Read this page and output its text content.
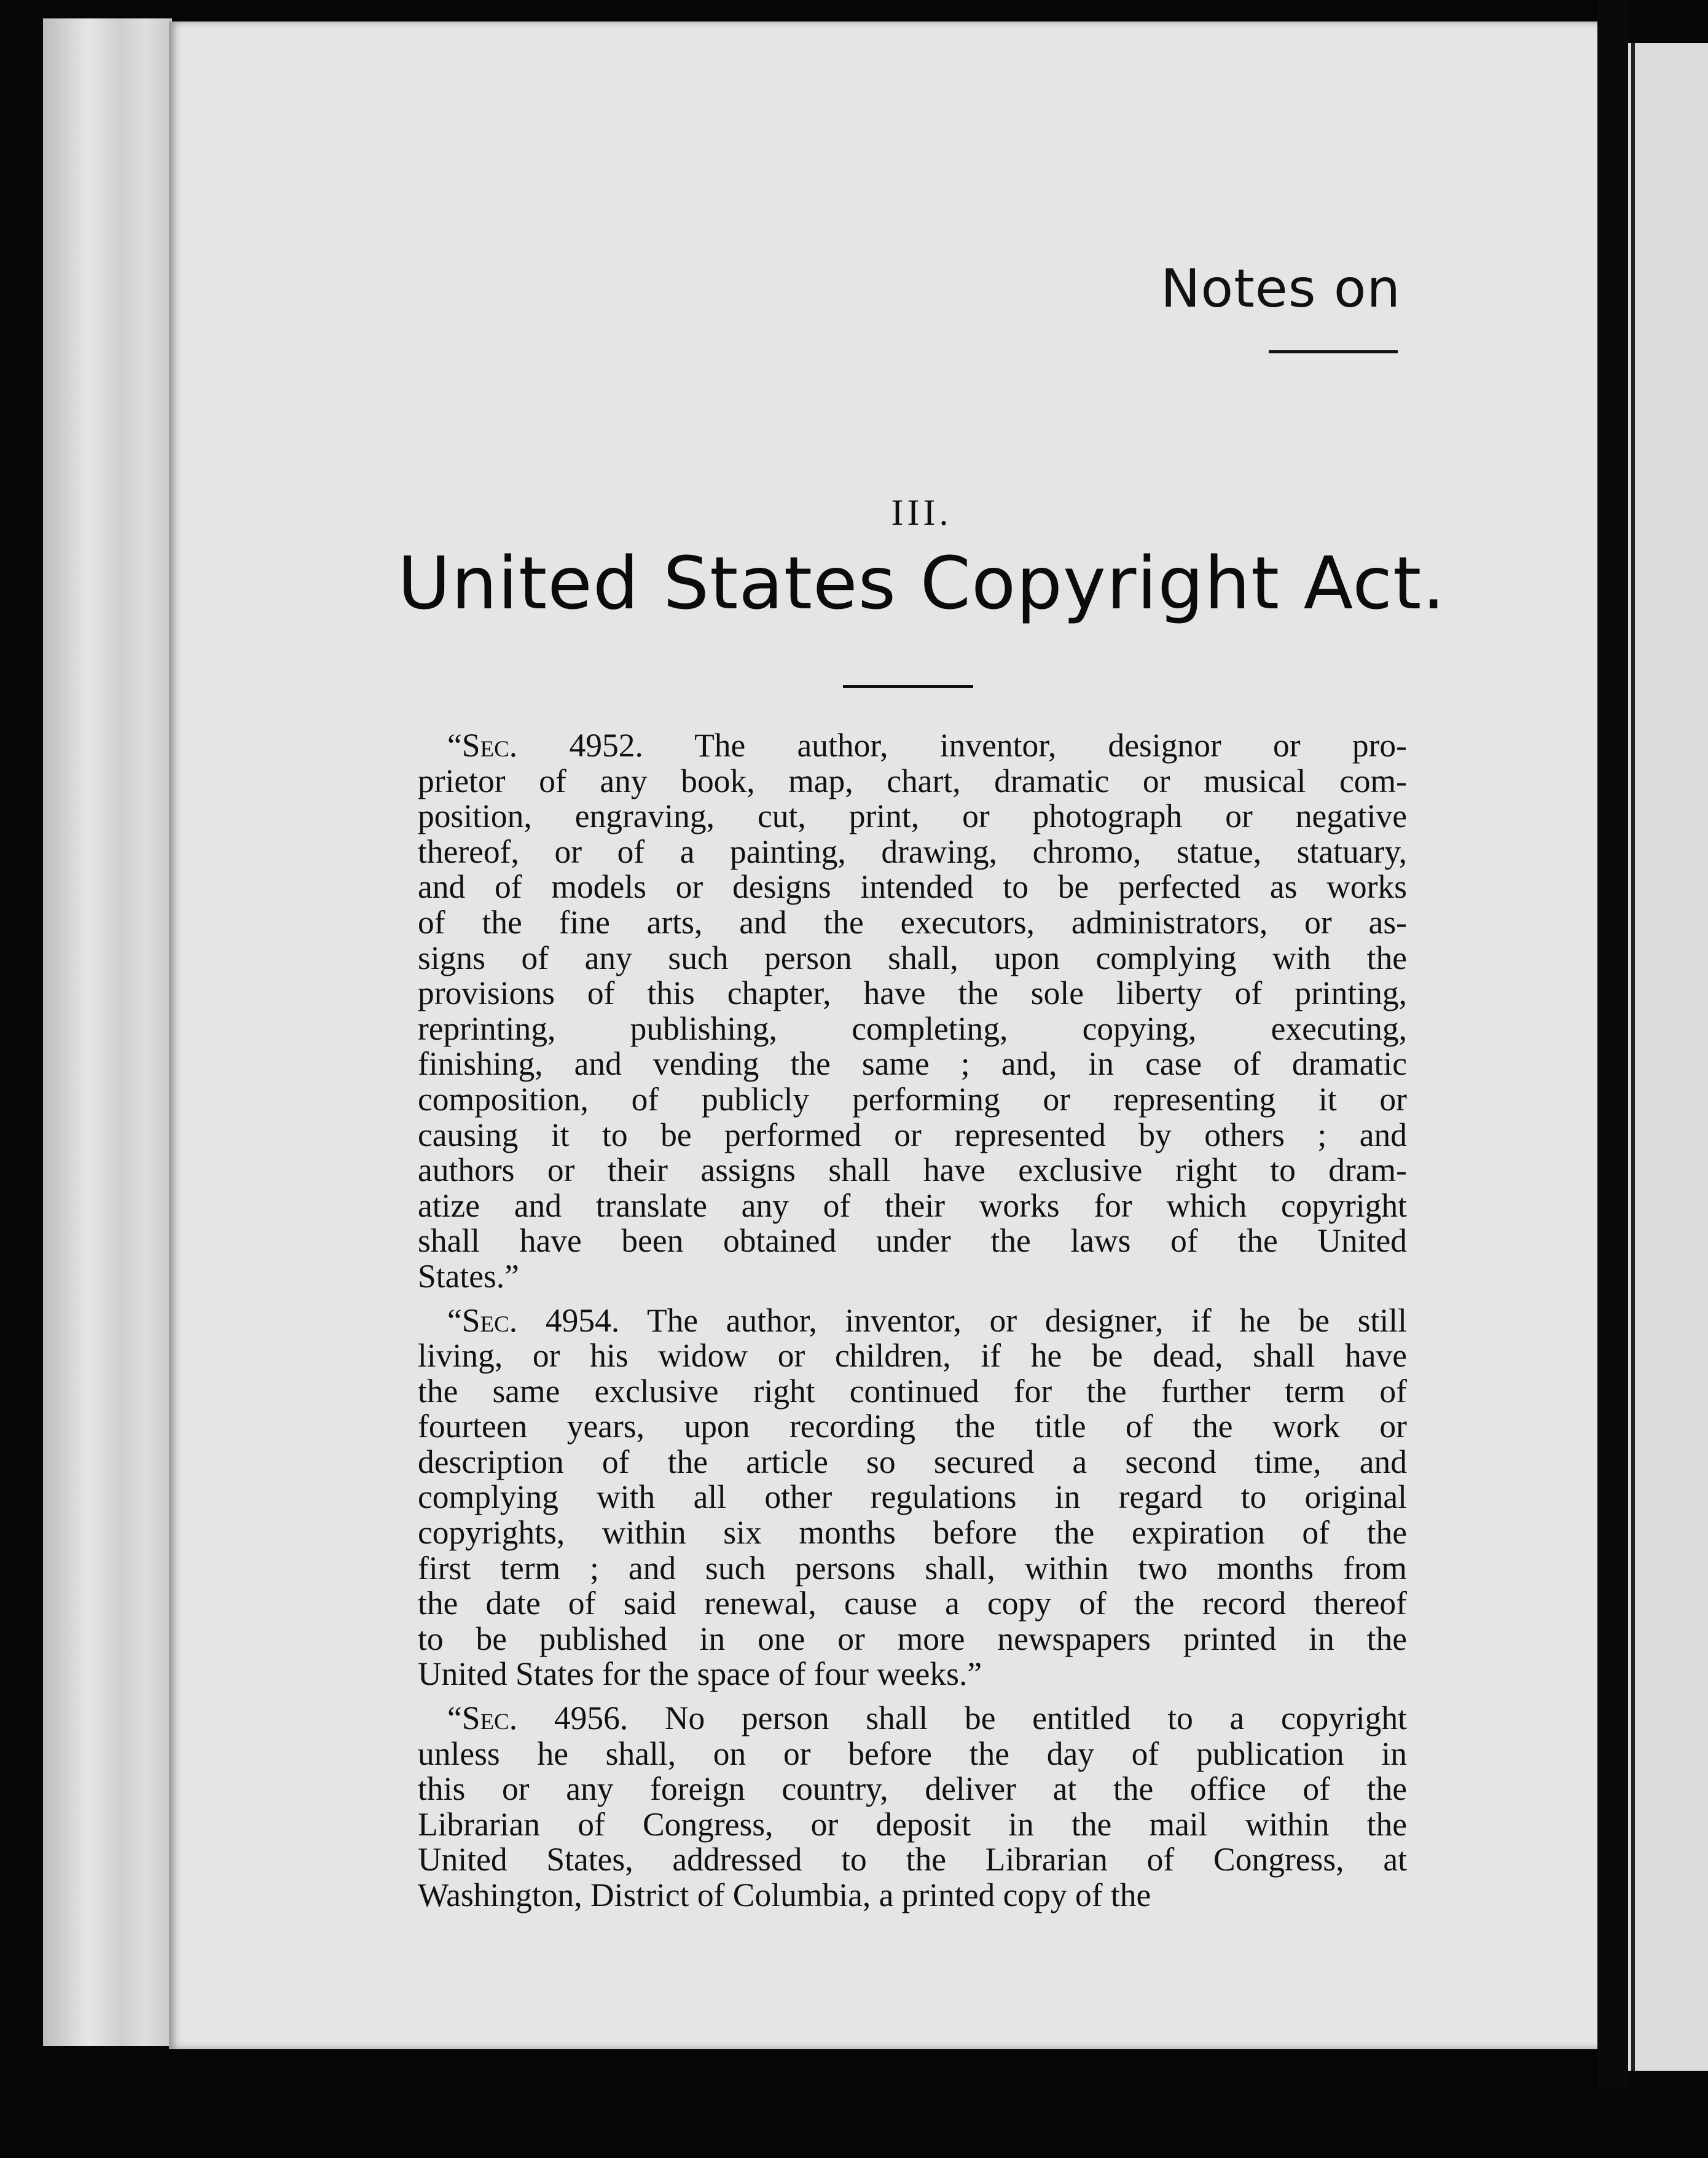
Notes on
III.
United States Copyright Act.
“Sec. 4952. The author, inventor, designor or pro-
prietor of any book, map, chart, dramatic or musical com-
position, engraving, cut, print, or photograph or negative
thereof, or of a painting, drawing, chromo, statue, statuary,
and of models or designs intended to be perfected as works
of the fine arts, and the executors, administrators, or as-
signs of any such person shall, upon complying with the
provisions of this chapter, have the sole liberty of printing,
reprinting, publishing, completing, copying, executing,
finishing, and vending the same ; and, in case of dramatic
composition, of publicly performing or representing it or
causing it to be performed or represented by others ; and
authors or their assigns shall have exclusive right to dram-
atize and translate any of their works for which copyright
shall have been obtained under the laws of the United
States.”
“Sec. 4954. The author, inventor, or designer, if he be still
living, or his widow or children, if he be dead, shall have
the same exclusive right continued for the further term of
fourteen years, upon recording the title of the work or
description of the article so secured a second time, and
complying with all other regulations in regard to original
copyrights, within six months before the expiration of the
first term ; and such persons shall, within two months from
the date of said renewal, cause a copy of the record thereof
to be published in one or more newspapers printed in the
United States for the space of four weeks.”
“Sec. 4956. No person shall be entitled to a copyright
unless he shall, on or before the day of publication in
this or any foreign country, deliver at the office of the
Librarian of Congress, or deposit in the mail within the
United States, addressed to the Librarian of Congress, at
Washington, District of Columbia, a printed copy of the
